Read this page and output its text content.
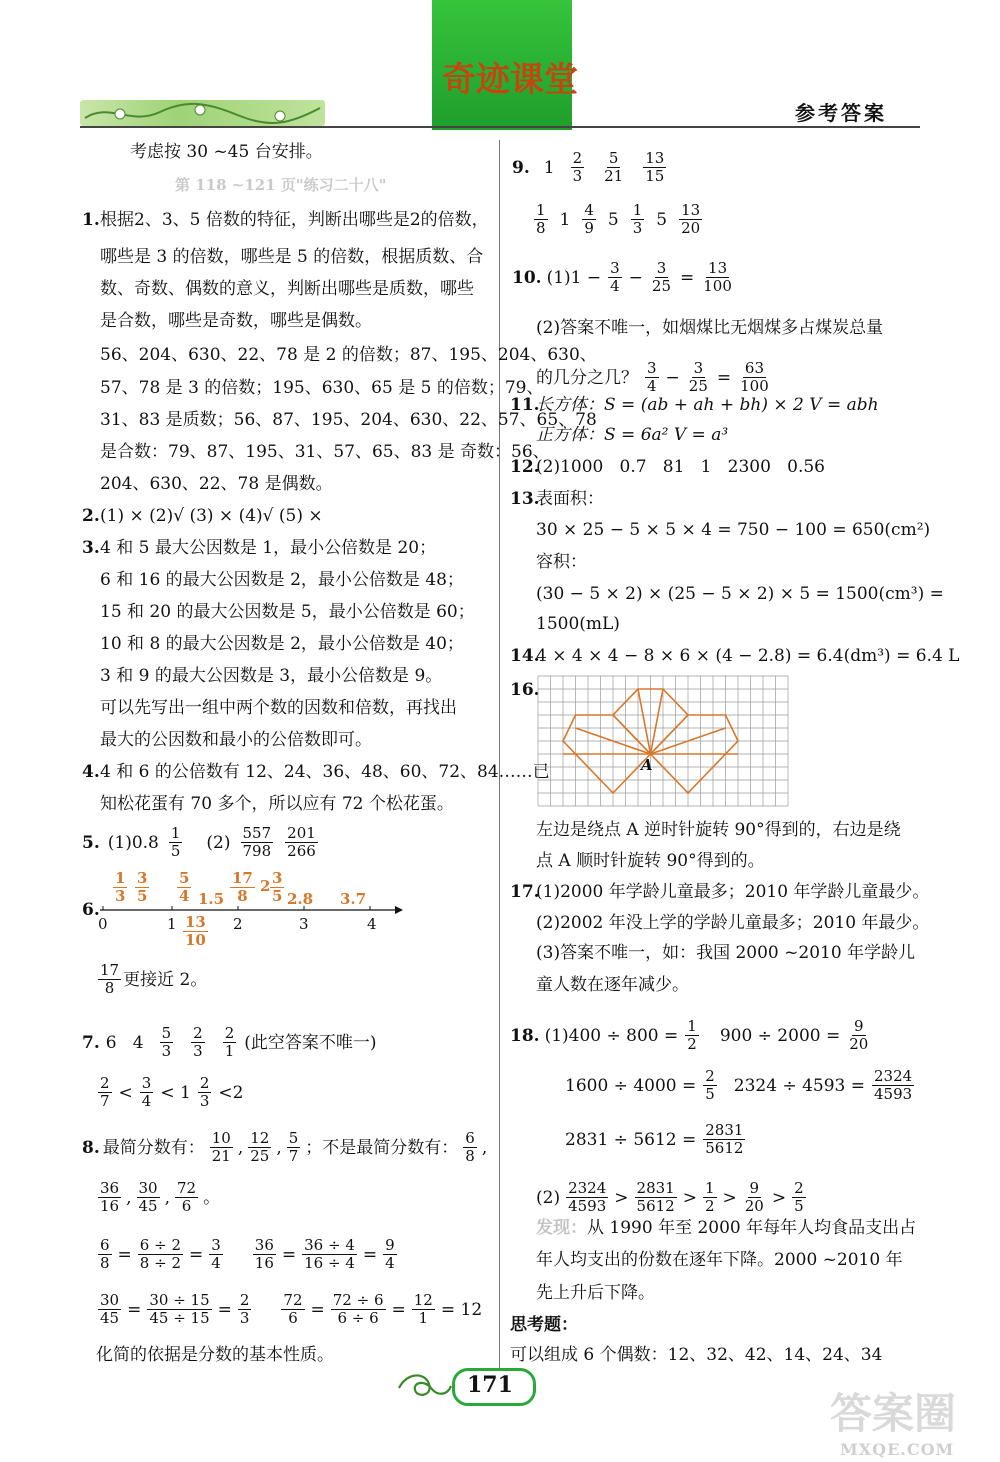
奇迹课堂
参考答案
考虑按 30 ~45 台安排。
第 118 ~121 页"练习二十八"
1. 根据2、3、5 倍数的特征，判断出哪些是2的倍数，
哪些是 3 的倍数，哪些是 5 的倍数，根据质数、合
数、奇数、偶数的意义，判断出哪些是质数，哪些
是合数，哪些是奇数，哪些是偶数。
56、204、630、22、78 是 2 的倍数；87、195、204、630、
57、78 是 3 的倍数；195、630、65 是 5 的倍数；79、
31、83 是质数；56、87、195、204、630、22、57、65、78
是合数：79、87、195、31、57、65、83 是 奇数：56、
204、630、22、78 是偶数。
2. (1) × (2)√ (3) × (4)√ (5) ×
3. 4 和 5 最大公因数是 1，最小公倍数是 20；
6 和 16 的最大公因数是 2，最小公倍数是 48；
15 和 20 的最大公因数是 5，最小公倍数是 60；
10 和 8 的最大公因数是 2，最小公倍数是 40；
3 和 9 的最大公因数是 3，最小公倍数是 9。
可以先写出一组中两个数的因数和倍数，再找出
最大的公因数和最小的公倍数即可。
4. 4 和 6 的公倍数有 12、24、36、48、60、72、84……已
知松花蛋有 70 多个，所以应有 72 个松花蛋。
5. $(1)0.8 \frac{1}{5} (2) \frac{557}{798} \frac{201}{266}$
6.
0	1	2	3	4
$\frac{1}{3} \frac{3}{5} \frac{5}{4} 1.5 \frac{17}{8} 2 \frac{3}{5} 2.8$ 3.7
$\frac{13}{10}$
$\frac{17}{8}$ 更接近 2。
7. 6   $4 \frac{5}{3} \frac{2}{3} \frac{2}{1}$ (此空答案不唯一)
$\frac{2}{7} < \frac{3}{4} < 1 \frac{2}{3} <2$
8. 最简分数有： $\frac{10}{21}$ , $\frac{12}{25}$ , $\frac{5}{7}$ ；不是最简分数有： $\frac{6}{8}$ ,
$\frac{36}{16}$ , $\frac{30}{45}$ , $\frac{72}{6}$ 。
$\frac{6}{8} = \frac{6 \div 2}{8 \div 2} = \frac{3}{4} \frac{36}{16} = \frac{36 \div 4}{16 \div 4} = \frac{9}{4}$
$\frac{30}{45} = \frac{30 \div 15}{45 \div 15} = \frac{2}{3} \frac{72}{6} = \frac{72 \div 6}{6 \div 6} = \frac{12}{1} = 12$
化简的依据是分数的基本性质。
9. $1 \frac{2}{3} \frac{5}{21} \frac{13}{15}$
$\frac{1}{8} 1 \frac{4}{9} 5 \frac{1}{3} 5 \frac{13}{20}$
10. $(1)1 - \frac{3}{4} - \frac{3}{25} = \frac{13}{100}$
(2)答案不唯一，如烟煤比无烟煤多占煤炭总量
的几分之几？ $\frac{3}{4} - \frac{3}{25} = \frac{63}{100}$
11.
长方体：S = (ab + ah + bh) × 2 V = abh
正方体：S = 6a² V = a³
12.
(2)1000   0.7   81   1   2300   0.56
13.
表面积：
30 × 25 − 5 × 5 × 4 = 750 − 100 = 650(cm²)
容积：
(30 − 5 × 2) × (25 − 5 × 2) × 5 = 1500(cm³) =
1500(mL)
14.
4 × 4 × 4 − 8 × 6 × (4 − 2.8) = 6.4(dm³) = 6.4 L
16.
A
左边是绕点 A 逆时针旋转 90°得到的，右边是绕
点 A 顺时针旋转 90°得到的。
17.
(1)2000 年学龄儿童最多；2010 年学龄儿童最少。
(2)2002 年没上学的学龄儿童最多；2010 年最少。
(3)答案不唯一，如：我国 2000 ~2010 年学龄儿
童人数在逐年减少。
18. $(1)400 \div 800 = \frac{1}{2} 900 \div 2000 = \frac{9}{20}$
$1600 \div 4000 = \frac{2}{5} 2324 \div 4593 = \frac{2324}{4593}$
$2831 \div 5612 = \frac{2831}{5612}$
$(2) \frac{2324}{4593} > \frac{2831}{5612} > \frac{1}{2} > \frac{9}{20} > \frac{2}{5}$
发现：从 1990 年至 2000 年每年人均食品支出占
年人均支出的份数在逐年下降。2000 ~2010 年
先上升后下降。
思考题：
可以组成 6 个偶数：12、32、42、14、24、34
171
答案圈
MXQE.COM
